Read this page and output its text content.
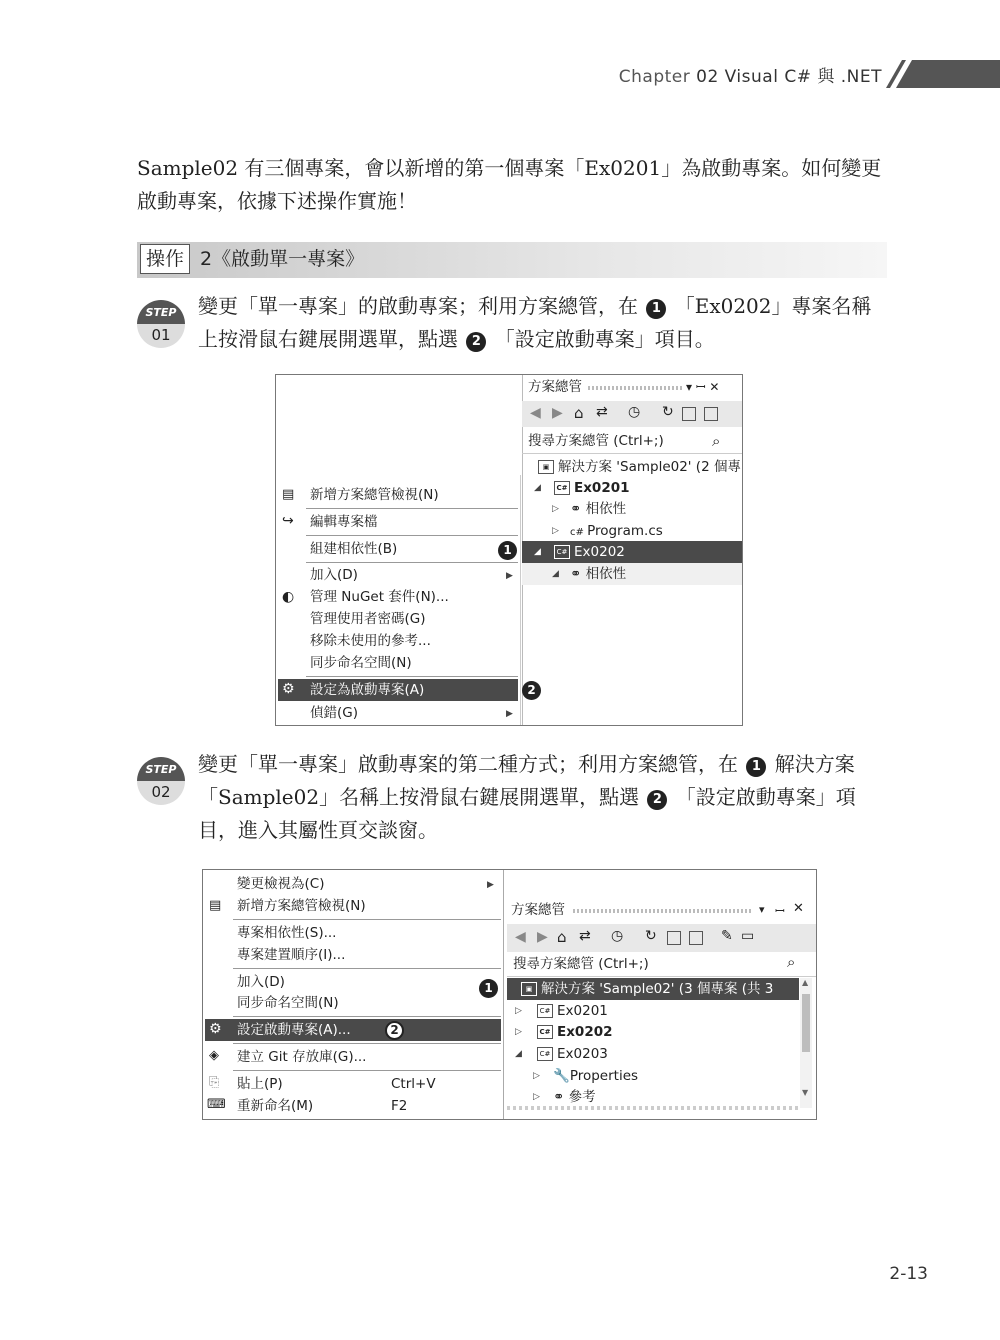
Chapter 02 Visual C# 與 .NET
Sample02 有三個專案，會以新增的第一個專案「Ex0201」為啟動專案。如何變更啟動專案，依據下述操作實施！
操作 2《啟動單一專案》
STEP
01
變更「單一專案」的啟動專案；利用方案總管，在 1 「Ex0202」專案名稱上按滑鼠右鍵展開選單，點選 2 「設定啟動專案」項目。
方案總管	▾ ꟷ ✕
◀ ▶ ⌂ ⇄ ◷ ↻
搜尋方案總管 (Ctrl+;)	⌕
▣ 解決方案 'Sample02' (2 個專
◢	C# Ex0201
▷ ⚭ 相依性
▷ c# Program.cs
◢	C# Ex0202
◢ ⚭ 相依性
▤ 新增方案總管檢視(N)
↪ 編輯專案檔
組建相依性(B)	1
加入(D)	▶
◐ 管理 NuGet 套件(N)...
管理使用者密碼(G)
移除未使用的參考...
同步命名空間(N)
⚙ 設定為啟動專案(A)	2
偵錯(G)	▶
STEP
02
變更「單一專案」啟動專案的第二種方式；利用方案總管，在 1 解決方案「Sample02」名稱上按滑鼠右鍵展開選單，點選 2 「設定啟動專案」項目，進入其屬性頁交談窗。
變更檢視為(C)	▶
▤ 新增方案總管檢視(N)
專案相依性(S)...
專案建置順序(I)...
加入(D)	1
同步命名空間(N)
⚙ 設定啟動專案(A)...	2
◈ 建立 Git 存放庫(G)...
⎘ 貼上(P)	Ctrl+V
⌨ 重新命名(M)	F2
方案總管	▾ ꟷ ✕
◀ ▶ ⌂ ⇄ ◷ ↻	✎ ▭
搜尋方案總管 (Ctrl+;)	⌕
▣ 解決方案 'Sample02' (3 個專案 (共 3
▷	C# Ex0201
▷	C# Ex0202
◢	C# Ex0203
▷ 🔧Properties
▷ ⚭ 參考
▲
▼
2-13
